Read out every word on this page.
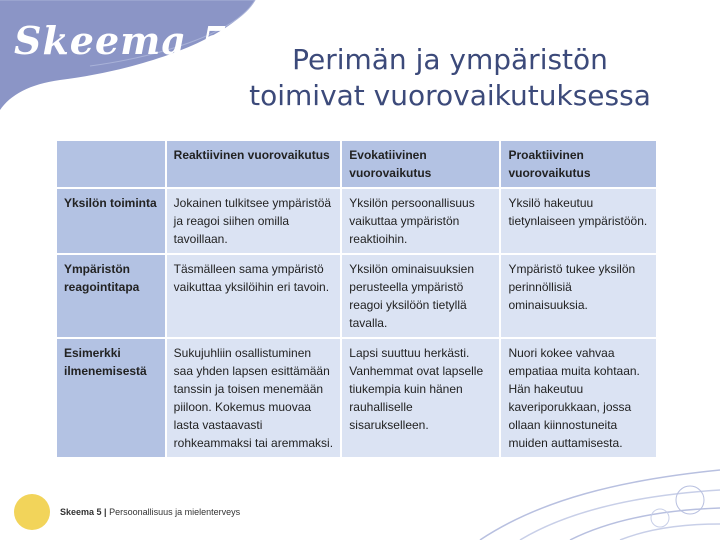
Skeema 5	Perimän ja ympäristön
toimivat vuorovaikutuksessa
	Reaktiivinen vuorovaikutus	Evokatiivinen vuorovaikutus	Proaktiivinen vuorovaikutus
Yksilön toiminta	Jokainen tulkitsee ympäristöä ja reagoi siihen omilla tavoillaan.	Yksilön persoonallisuus vaikuttaa ympäristön reaktioihin.	Yksilö hakeutuu tietynlaiseen ympäristöön.
Ympäristön reagointitapa	Täsmälleen sama ympäristö vaikuttaa yksilöihin eri tavoin.	Yksilön ominaisuuksien perusteella ympäristö reagoi yksilöön tietyllä tavalla.	Ympäristö tukee yksilön perinnöllisiä ominaisuuksia.
Esimerkki ilmenemisestä	Sukujuhliin osallistuminen saa yhden lapsen esittämään tanssin ja toisen menemään piiloon. Kokemus muovaa lasta vastaavasti rohkeammaksi tai aremmaksi.	Lapsi suuttuu herkästi. Vanhemmat ovat lapselle tiukempia kuin hänen rauhalliselle sisarukselleen.	Nuori kokee vahvaa empatiaa muita kohtaan. Hän hakeutuu kaveriporukkaan, jossa ollaan kiinnostuneita muiden auttamisesta.
Skeema 5 | Persoonallisuus ja mielenterveys
